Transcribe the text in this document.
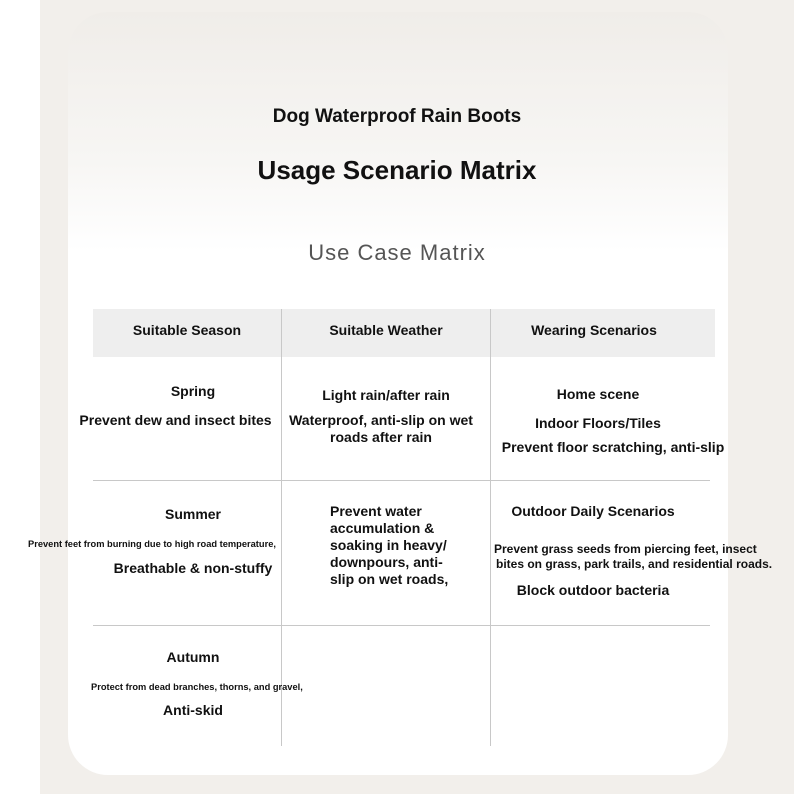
Dog Waterproof Rain Boots
Usage Scenario Matrix
Use Case Matrix
Suitable Season	Suitable Weather	Wearing Scenarios
Spring
Prevent dew and insect bites
Light rain/after rain
Waterproof, anti-slip on wet
roads after rain
Home scene
Indoor Floors/Tiles
Prevent floor scratching, anti-slip
Summer
Prevent feet from burning due to high road temperature,
Breathable & non-stuffy
Prevent water
accumulation &
soaking in heavy/
downpours, anti-
slip on wet roads,
Outdoor Daily Scenarios
Prevent grass seeds from piercing feet, insect
bites on grass, park trails, and residential roads.
Block outdoor bacteria
Autumn
Protect from dead branches, thorns, and gravel,
Anti-skid
